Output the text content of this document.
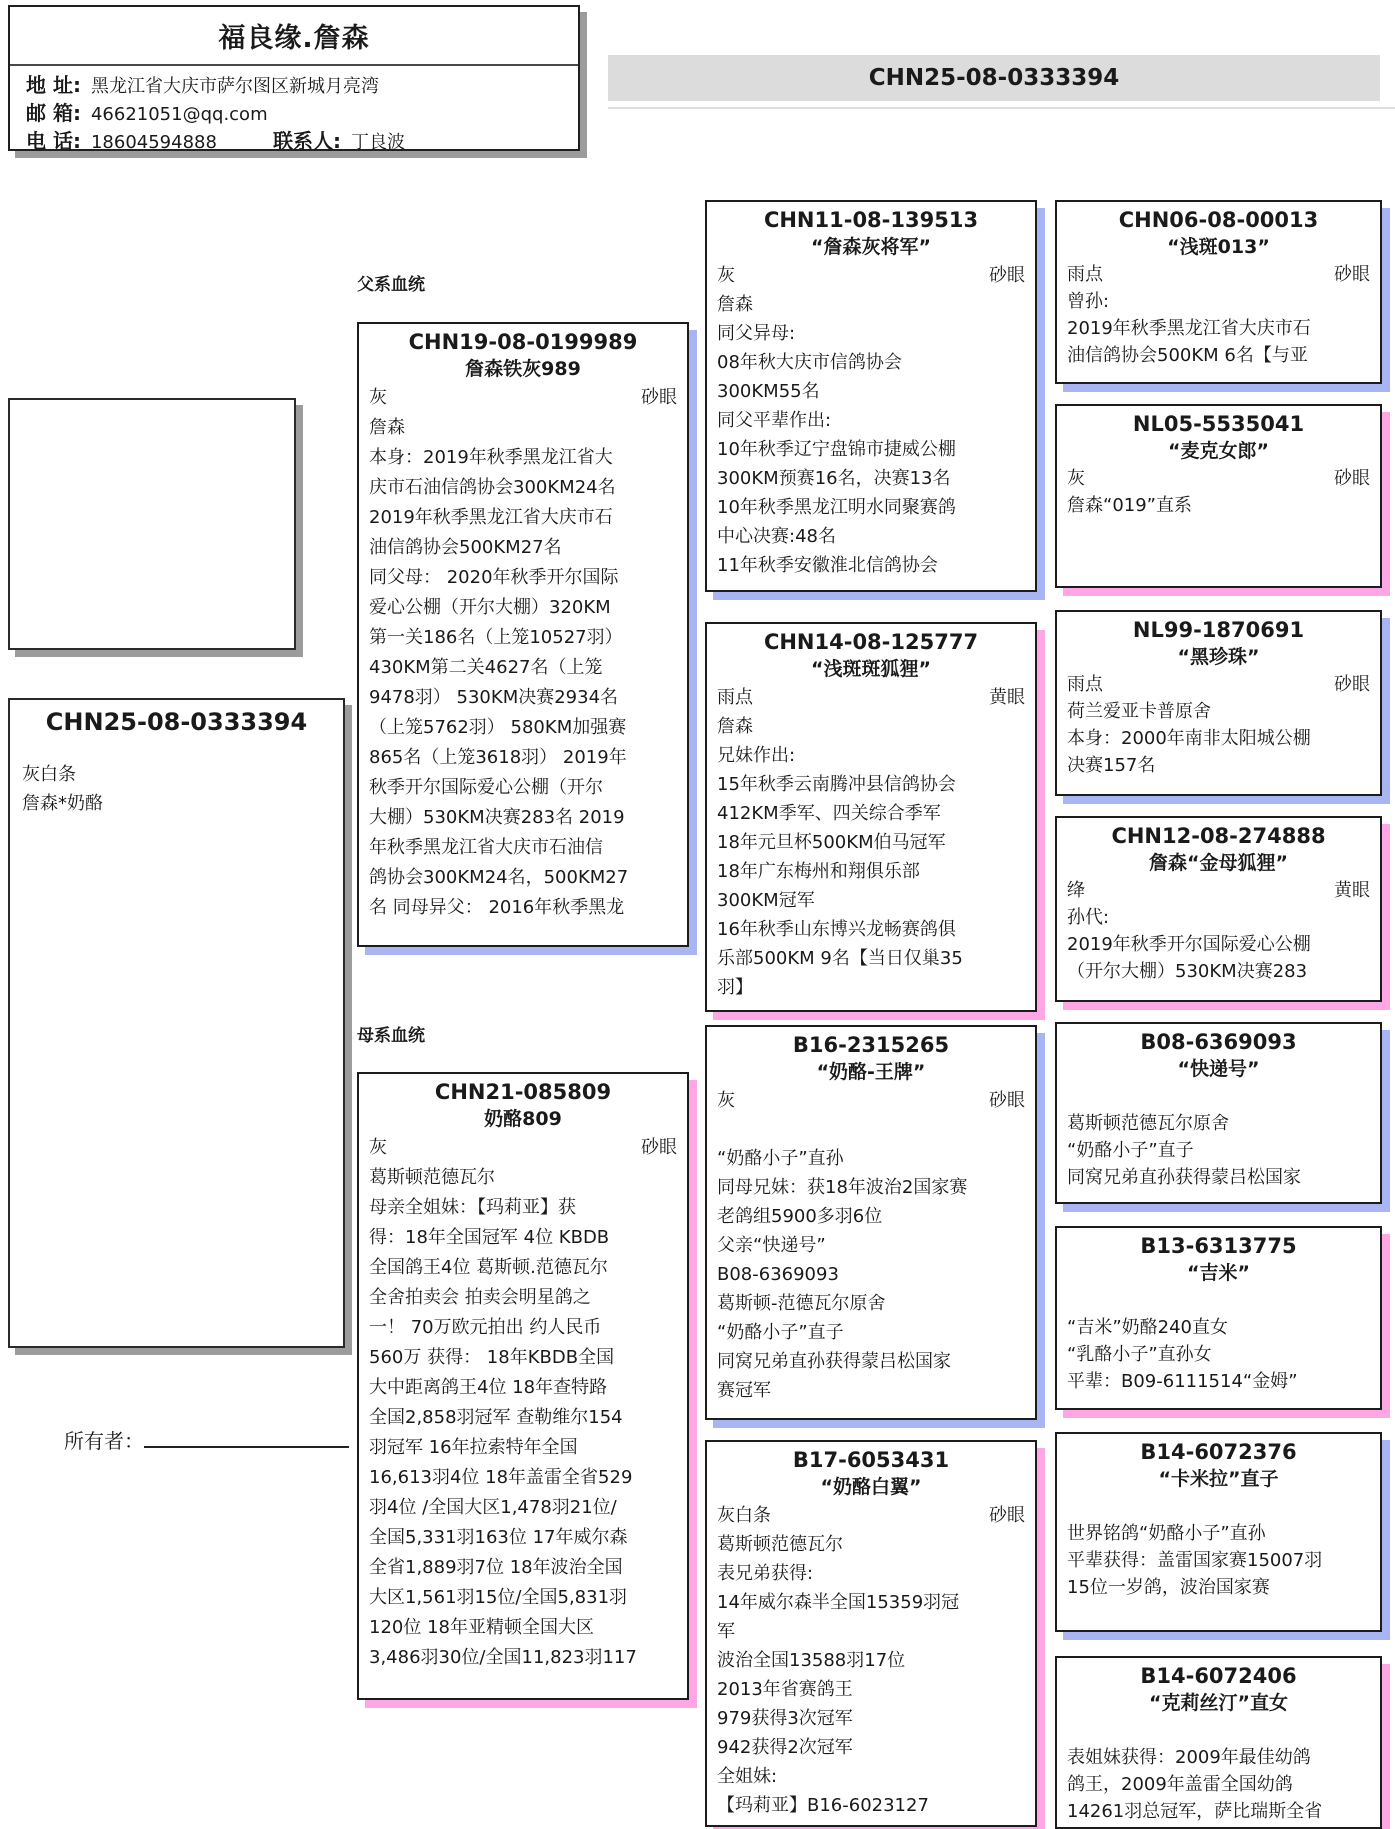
福良缘.詹森
地 址: 黑龙江省大庆市萨尔图区新城月亮湾
邮 箱: 46621051@qq.com
电 话: 18604594888	联系人: 丁良波
CHN25-08-0333394
CHN25-08-0333394
灰白条
詹森*奶酪
所有者：
父系血统
母系血统
CHN19-08-0199989
詹森铁灰989
灰	砂眼
詹森
本身：2019年秋季黑龙江省大
庆市石油信鸽协会300KM24名
2019年秋季黑龙江省大庆市石
油信鸽协会500KM27名
同父母： 2020年秋季开尔国际
爱心公棚（开尔大棚）320KM
第一关186名（上笼10527羽）
430KM第二关4627名（上笼
9478羽） 530KM决赛2934名
（上笼5762羽） 580KM加强赛
865名（上笼3618羽） 2019年
秋季开尔国际爱心公棚（开尔
大棚）530KM决赛283名 2019
年秋季黑龙江省大庆市石油信
鸽协会300KM24名，500KM27
名 同母异父： 2016年秋季黑龙
CHN21-085809
奶酪809
灰	砂眼
葛斯顿范德瓦尔
母亲全姐妹：【玛莉亚】获
得：18年全国冠军 4位 KBDB
全国鸽王4位 葛斯顿.范德瓦尔
全舍拍卖会 拍卖会明星鸽之
一！ 70万欧元拍出 约人民币
560万 获得： 18年KBDB全国
大中距离鸽王4位 18年查特路
全国2,858羽冠军 查勒维尔154
羽冠军 16年拉索特年全国
16,613羽4位 18年盖雷全省529
羽4位 /全国大区1,478羽21位/
全国5,331羽163位 17年威尔森
全省1,889羽7位 18年波治全国
大区1,561羽15位/全国5,831羽
120位 18年亚精顿全国大区
3,486羽30位/全国11,823羽117
CHN11-08-139513
“詹森灰将军”
灰	砂眼
詹森
同父异母:
08年秋大庆市信鸽协会
300KM55名
同父平辈作出:
10年秋季辽宁盘锦市捷威公棚
300KM预赛16名，决赛13名
10年秋季黑龙江明水同聚赛鸽
中心决赛:48名
11年秋季安徽淮北信鸽协会
CHN14-08-125777
“浅斑斑狐狸”
雨点	黄眼
詹森
兄妹作出:
15年秋季云南腾冲县信鸽协会
412KM季军、四关综合季军
18年元旦杯500KM伯马冠军
18年广东梅州和翔俱乐部
300KM冠军
16年秋季山东博兴龙畅赛鸽俱
乐部500KM 9名【当日仅巢35
羽】
B16-2315265
“奶酪-王牌”
灰	砂眼

“奶酪小子”直孙
同母兄妹：获18年波治2国家赛
老鸽组5900多羽6位
父亲“快递号”
B08-6369093
葛斯顿-范德瓦尔原舍
“奶酪小子”直子
同窝兄弟直孙获得蒙吕松国家
赛冠军
B17-6053431
“奶酪白翼”
灰白条	砂眼
葛斯顿范德瓦尔
表兄弟获得:
14年威尔森半全国15359羽冠
军
波治全国13588羽17位
2013年省赛鸽王
979获得3次冠军
942获得2次冠军
全姐妹:
【玛莉亚】B16-6023127
CHN06-08-00013
“浅斑013”
雨点	砂眼
曾孙:
2019年秋季黑龙江省大庆市石
油信鸽协会500KM 6名【与亚
NL05-5535041
“麦克女郎”
灰	砂眼
詹森“019”直系
NL99-1870691
“黑珍珠”
雨点	砂眼
荷兰爱亚卡普原舍
本身：2000年南非太阳城公棚
决赛157名
CHN12-08-274888
詹森“金母狐狸”
绛	黄眼
孙代:
2019年秋季开尔国际爱心公棚
（开尔大棚）530KM决赛283
B08-6369093
“快递号”

葛斯顿范德瓦尔原舍
“奶酪小子”直子
同窝兄弟直孙获得蒙吕松国家
B13-6313775
“吉米”

“吉米”奶酪240直女
“乳酪小子”直孙女
平辈：B09-6111514“金姆”
B14-6072376
“卡米拉”直子

世界铭鸽“奶酪小子”直孙
平辈获得：盖雷国家赛15007羽
15位一岁鸽，波治国家赛
B14-6072406
“克莉丝汀”直女

表姐妹获得：2009年最佳幼鸽
鸽王，2009年盖雷全国幼鸽
14261羽总冠军，萨比瑞斯全省
